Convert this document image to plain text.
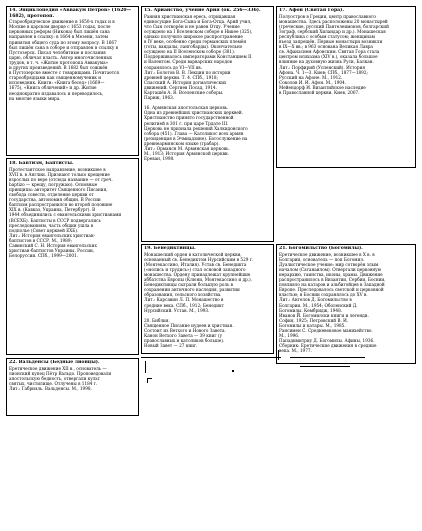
14. Энциклопедия «Аввакум Петров» (1620—1682), протопоп.
Старообрядческое движение в 1650-х годах и в
Москве в царском дворце с 1653 годах, после
церковных реформ (Никона) был лишён сана
направлен в ссылку: в 1664 в Мезени, затем
принятия общего суда по этому вопросу. В 1667
был лишён сана в соборе и отправлен в ссылку в
Пустозерск. Писал челобитные и послания
царю, обличал власть. Автор многочисленных
трудов, в т. ч. «Житие протопопа Аввакума»
и других произведений. В 1682 был сожжён
в Пустозерске вместе с товарищами. Почитается
старообрядцами как священномученик и
исповедник. Книги: «Книга бесед» (1669—
1675), «Книга обличений» и др. Житие
неоднократно издавалось и переводилось,
на многие языки мира.
15. Арианство, учение Ария (ок. 256—336).
Ранняя христианская ересь, отрицавшая
единосущие Бога-Сына и Бога-Отца. Арий учил,
что Сын сотворён и не равен Отцу. Учение
осуждено на I Вселенском соборе в Никее (325),
однако получило широкое распространение
в IV веке, особенно среди германских племён
(готы, вандалы, лангобарды). Окончательно
осуждено на II Вселенском соборе (381).
Поддерживалось императорами Констанцием II
и Валентом. Среди варварских народов
сохранялось до VI—VII вв.
Лит.: Болотов В. В. Лекции по истории
древней церкви. Т. 4. СПб., 1918;
Спасский А. История догматических
движений. Сергиев Посад, 1914.
Карташёв А. В. Вселенские соборы.
Париж, 1963.
16. Армянская апостольская церковь.
Одна из древнейших христианских церквей.
Христианство принято государственной
религией в 301 г. при царе Трдате III.
Церковь не признала решений Халкидонского
собора (451). Глава — Католикос всех армян
(резиденция в Эчмиадзине). Богослужение на
древнеармянском языке (грабар).
Лит.: Ормансн М. Армянская церковь.
М., 1913; История Армянской церкви.
Ереван, 1998.
17. Афон (Святая Гора).
Полуостров в Греции, центр православного
монашества. Здесь расположены 20 монастырей
(греческие, русский Пантелеимонов, болгарский
Зограф, сербский Хиландар и др.). Монашеская
республика с особым статусом; женщинам
въезд запрещён. Первые монастыри возникли
в IX—X вв.; в 963 основана Великая Лавра
св. Афанасием Афонским. Святая Гора стала
центром исихазма (XIV в.), оказала большое
влияние на духовную жизнь Руси, Балкан.
Лит.: Порфирий (Успенский). История
Афона. Ч. 1—3. Киев; СПб., 1877—1892;
Русский на Афоне. М., 1912.
Соколов И. И. Афон. М., 1904.
Мейендорф И. Византийское наследие
в Православной церкви. Киев, 2007.
18. Баптизм, Баптисты.
Протестантское направление, возникшее в
XVII в. в Англии. Признают только крещение
взрослых по вере (отсюда название — от греч.
baptizo — крещу, погружаю). Основные
принципы: авторитет Священного Писания,
свобода совести, отделение церкви от
государства, автономия общин. В России
баптизм распространился во второй половине
XIX в. (Кавказ, Украина, Петербург). В
1944 объединились с евангельскими христианами
(ВСЕХБ). Баптисты в СССР подвергались
преследованиям, часть общин ушла в
подполье (Совет церквей ЕХБ).
Лит.: История евангельских христиан-
баптистов в СССР. М., 1989;
Савинский С. Н. История евангельских
христиан-баптистов Украины, России,
Белоруссии. СПб., 1999—2001.
19. Бенедиктинцы.
Монашеский орден в католической церкви,
основанный св. Бенедиктом Нурсийским в 529 г.
(Монтекассино, Италия). Устав св. Бенедикта
(«молись и трудись») стал основой западного
монашества. Ордену принадлежат крупнейшие
аббатства Европы (Клюни, Монтекассино и др.).
Бенедиктинцы сыграли большую роль в
сохранении античного наследия, развитии
образования, сельского хозяйства.
Лит.: Карсавин Л. П. Монашество в
средние века. СПб., 1912; Бенедикт
Нурсийский. Устав. М., 1993.
20. Библия.
Священное Писание иудеев и христиан.
Состоит из Ветхого и Нового Завета.
Канон Ветхого Завета — 39 книг (у
православных и католиков больше).
Новый Завет — 27 книг.
21. Богомильство (Богомилы).
Еретическое движение, возникшее в X в. в
Болгарии, основатель — поп Богомил.
Дуалистическое учение: мир сотворён злым
началом (Сатанаилом). Отвергали церковную
иерархию, таинства, иконы, храмы. Движение
распространилось в Византии, Сербии, Боснии,
повлияло на катаров и альбигойцев в Западной
Европе. Преследовалось светской и церковной
властью; в Боснии сохранялось до XV в.
Лит.: Ангелов Д. Богомильство в
Болгарии. М., 1954; Оболенский Д.
Богомилы. Кембридж, 1948.
Иванов Й. Богомилски книги и легенди.
София, 1925; Петровский В. И.
Богомилы и катары. М., 1985.
Рансимен С. Средневековое манихейство.
М., 1996.
Пападимитриу Д. Богомилы. Афины, 1936.
Сборник: Еретические движения в средние
века. М., 1977.
22. Вальденсы (Бедные лионцы).
Еретическое движение XII в., основатель —
лионский купец Пётр Вальдо. Проповедовали
апостольскую бедность, отвергали культ
святых, чистилище. Отлучены в 1184 г.
Лит.: Габриэль. Вальденсы. М., 1998.
